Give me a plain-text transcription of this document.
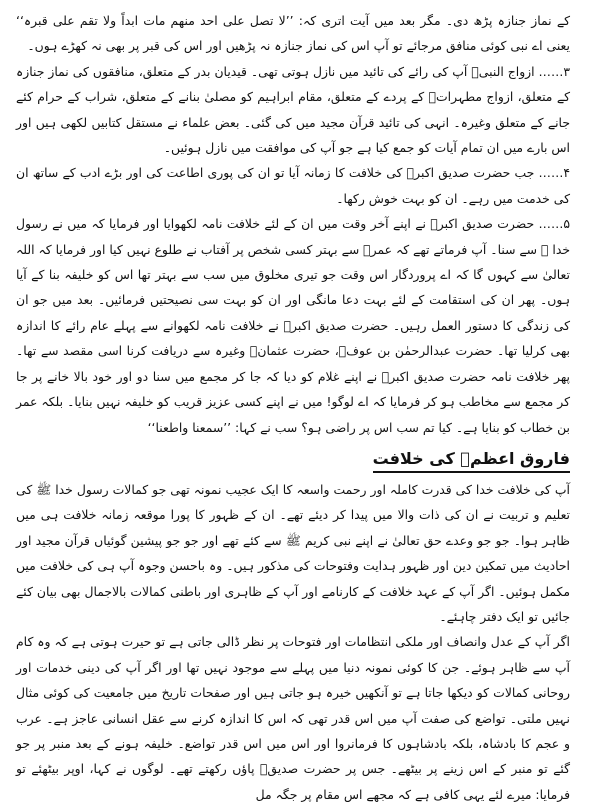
کے نماز جنازہ پڑھ دی۔ مگر بعد میں آیت اتری کہ: ’’لا تصل علی احد منھم مات ابداً ولا تقم علی قبرہ‘‘ یعنی اے نبی کوئی منافق مرجائے تو آپ اس کی نماز جنازہ نہ پڑھیں اور اس کی قبر پر بھی نہ کھڑے ہوں۔

۳…… ازواج النبیؐ آپ کی رائے کی تائید میں نازل ہوتی تھی۔ قیدیان بدر کے متعلق، منافقوں کی نماز جنازہ کے متعلق، ازواج مطہراتؓ کے پردے کے متعلق، مقام ابراہیم کو مصلیٰ بنانے کے متعلق، شراب کے حرام کئے جانے کے متعلق وغیرہ۔ انہی کی تائید قرآن مجید میں کی گئی۔ بعض علماء نے مستقل کتابیں لکھی ہیں اور اس بارے میں ان تمام آیات کو جمع کیا ہے جو آپ کی موافقت میں نازل ہوئیں۔

۴…… جب حضرت صدیق اکبرؓ کی خلافت کا زمانہ آیا تو ان کی پوری اطاعت کی اور بڑے ادب کے ساتھ ان کی خدمت میں رہے۔ ان کو بہت خوش رکھا۔

۵…… حضرت صدیق اکبرؓ نے اپنے آخر وقت میں ان کے لئے خلافت نامہ لکھوایا اور فرمایا کہ میں نے رسول خدا ﷺ سے سنا۔ آپ فرماتے تھے کہ عمرؓ سے بہتر کسی شخص پر آفتاب نے طلوع نہیں کیا اور فرمایا کہ اللہ تعالیٰ سے کہوں گا کہ اے پروردگار اس وقت جو تیری مخلوق میں سب سے بہتر تھا اس کو خلیفہ بنا کے آیا ہوں۔ پھر ان کی استقامت کے لئے بہت دعا مانگی اور ان کو بہت سی نصیحتیں فرمائیں۔ بعد میں جو ان کی زندگی کا دستور العمل رہیں۔ حضرت صدیق اکبرؓ نے خلافت نامہ لکھوانے سے پہلے عام رائے کا اندازہ بھی کرلیا تھا۔ حضرت عبدالرحمٰن بن عوفؓ، حضرت عثمانؓ وغیرہ سے دریافت کرنا اسی مقصد سے تھا۔ پھر خلافت نامہ حضرت صدیق اکبرؓ نے اپنے غلام کو دیا کہ جا کر مجمع میں سنا دو اور خود بالا خانے پر جا کر مجمع سے مخاطب ہو کر فرمایا کہ اے لوگو! میں نے اپنے کسی عزیز قریب کو خلیفہ نہیں بنایا۔ بلکہ عمر بن خطاب کو بنایا ہے۔ کیا تم سب اس پر راضی ہو؟ سب نے کہا: ’’سمعنا واطعنا‘‘

فاروق اعظمؓ کی خلافت

آپ کی خلافت خدا کی قدرت کاملہ اور رحمت واسعہ کا ایک عجیب نمونہ تھی جو کمالات رسول خدا ﷺ کی تعلیم و تربیت نے ان کی ذات والا میں پیدا کر دیئے تھے۔ ان کے ظہور کا پورا موقعہ زمانہ خلافت ہی میں ظاہر ہوا۔ جو جو وعدے حق تعالیٰ نے اپنے نبی کریم ﷺ سے کئے تھے اور جو جو پیشین گوئیاں قرآن مجید اور احادیث میں تمکین دین اور ظہور ہدایت وفتوحات کی مذکور ہیں۔ وہ باحسن وجوہ آپ ہی کی خلافت میں مکمل ہوئیں۔ اگر آپ کے عہد خلافت کے کارنامے اور آپ کے ظاہری اور باطنی کمالات بالاجمال بھی بیان کئے جائیں تو ایک دفتر چاہئے۔

اگر آپ کے عدل وانصاف اور ملکی انتظامات اور فتوحات پر نظر ڈالی جاتی ہے تو حیرت ہوتی ہے کہ وہ کام آپ سے ظاہر ہوئے۔ جن کا کوئی نمونہ دنیا میں پہلے سے موجود نہیں تھا اور اگر آپ کی دینی خدمات اور روحانی کمالات کو دیکھا جاتا ہے تو آنکھیں خیرہ ہو جاتی ہیں اور صفحات تاریخ میں جامعیت کی کوئی مثال نہیں ملتی۔ تواضع کی صفت آپ میں اس قدر تھی کہ اس کا اندازہ کرنے سے عقل انسانی عاجز ہے۔ عرب و عجم کا بادشاہ، بلکہ بادشاہوں کا فرمانروا اور اس میں اس قدر تواضع۔ خلیفہ ہونے کے بعد منبر پر جو گئے تو منبر کے اس زینے پر بیٹھے۔ جس پر حضرت صدیقؓ پاؤں رکھتے تھے۔ لوگوں نے کہا، اوپر بیٹھئے تو فرمایا: میرے لئے یہی کافی ہے کہ مجھے اس مقام پر جگہ مل
